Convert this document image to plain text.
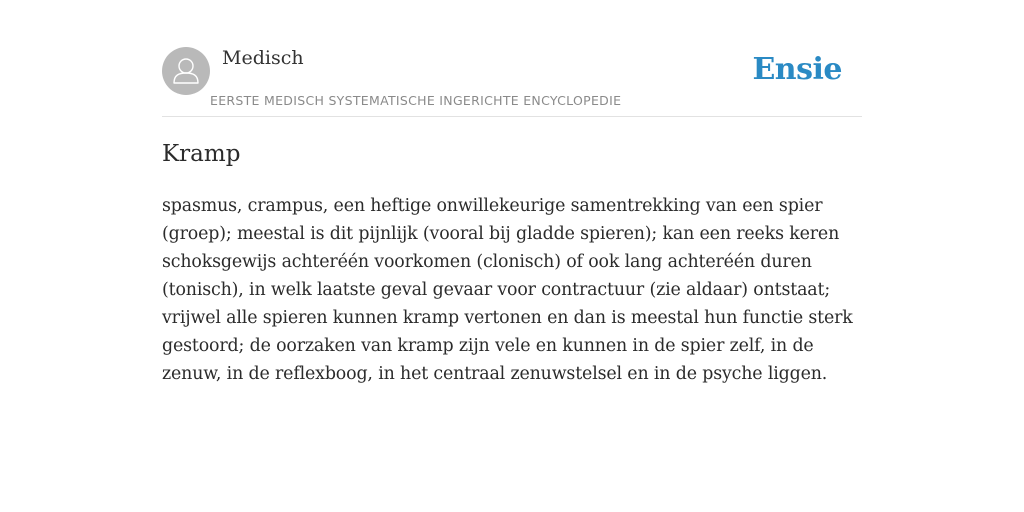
Medisch
EERSTE MEDISCH SYSTEMATISCHE INGERICHTE ENCYCLOPEDIE
Ensie
Kramp

spasmus, crampus, een heftige onwillekeurige samentrekking van een spier (groep); meestal is dit pijnlijk (vooral bij gladde spieren); kan een reeks keren schoksgewijs achteréén voorkomen (clonisch) of ook lang achteréén duren (tonisch), in welk laatste geval gevaar voor contractuur (zie aldaar) ontstaat; vrijwel alle spieren kunnen kramp vertonen en dan is meestal hun functie sterk gestoord; de oorzaken van kramp zijn vele en kunnen in de spier zelf, in de zenuw, in de reflexboog, in het centraal zenuwstelsel en in de psyche liggen.
